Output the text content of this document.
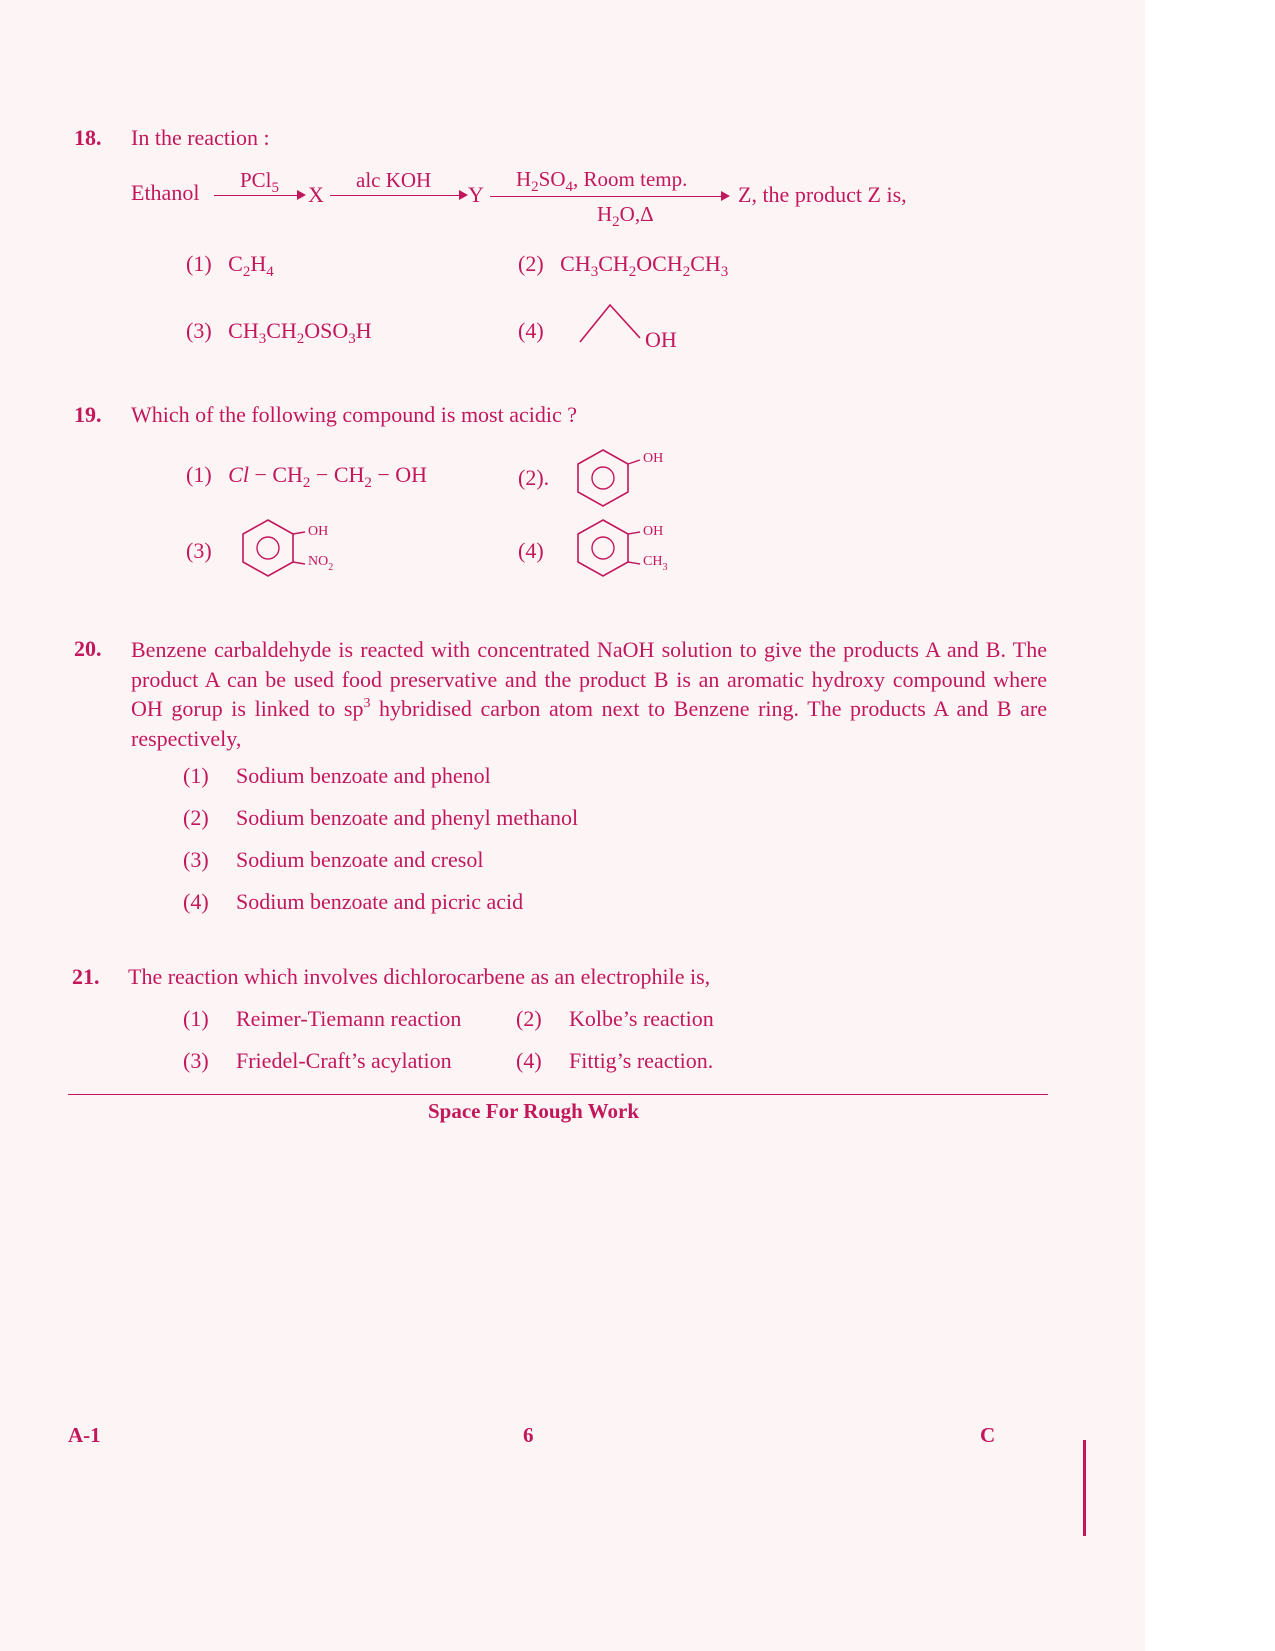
18. In the reaction :
Ethanol PCl$_5$ X
alc KOH
Y
$H_2SO_4$, Room temp.
$H_2O,\Delta$
Z, the product Z is,
(1) $C_2H_4$	(2) $CH_3CH_2OCH_2CH_3$
(3) $CH_3CH_2OSO_3H$	(4)	OH
19. Which of the following compound is most acidic ?
(1) $Cl - CH_2 - CH_2$ − OH	(2).
OH
(3)
OH
$NO_2$
(4)
OH
$CH_3$
20. Benzene carbaldehyde is reacted with concentrated NaOH solution to give the products A and B. The product A can be used food preservative and the product B is an aromatic hydroxy compound where OH gorup is linked to $sp^3$ hybridised carbon atom next to Benzene ring. The products A and B are respectively,
(1) Sodium benzoate and phenol
(2) Sodium benzoate and phenyl methanol
(3) Sodium benzoate and cresol
(4) Sodium benzoate and picric acid
21. The reaction which involves dichlorocarbene as an electrophile is,
(1) Reimer-Tiemann reaction (2) Kolbe’s reaction
(3) Friedel-Craft’s acylation	(4) Fittig’s reaction.
Space For Rough Work
A-1	6	C
